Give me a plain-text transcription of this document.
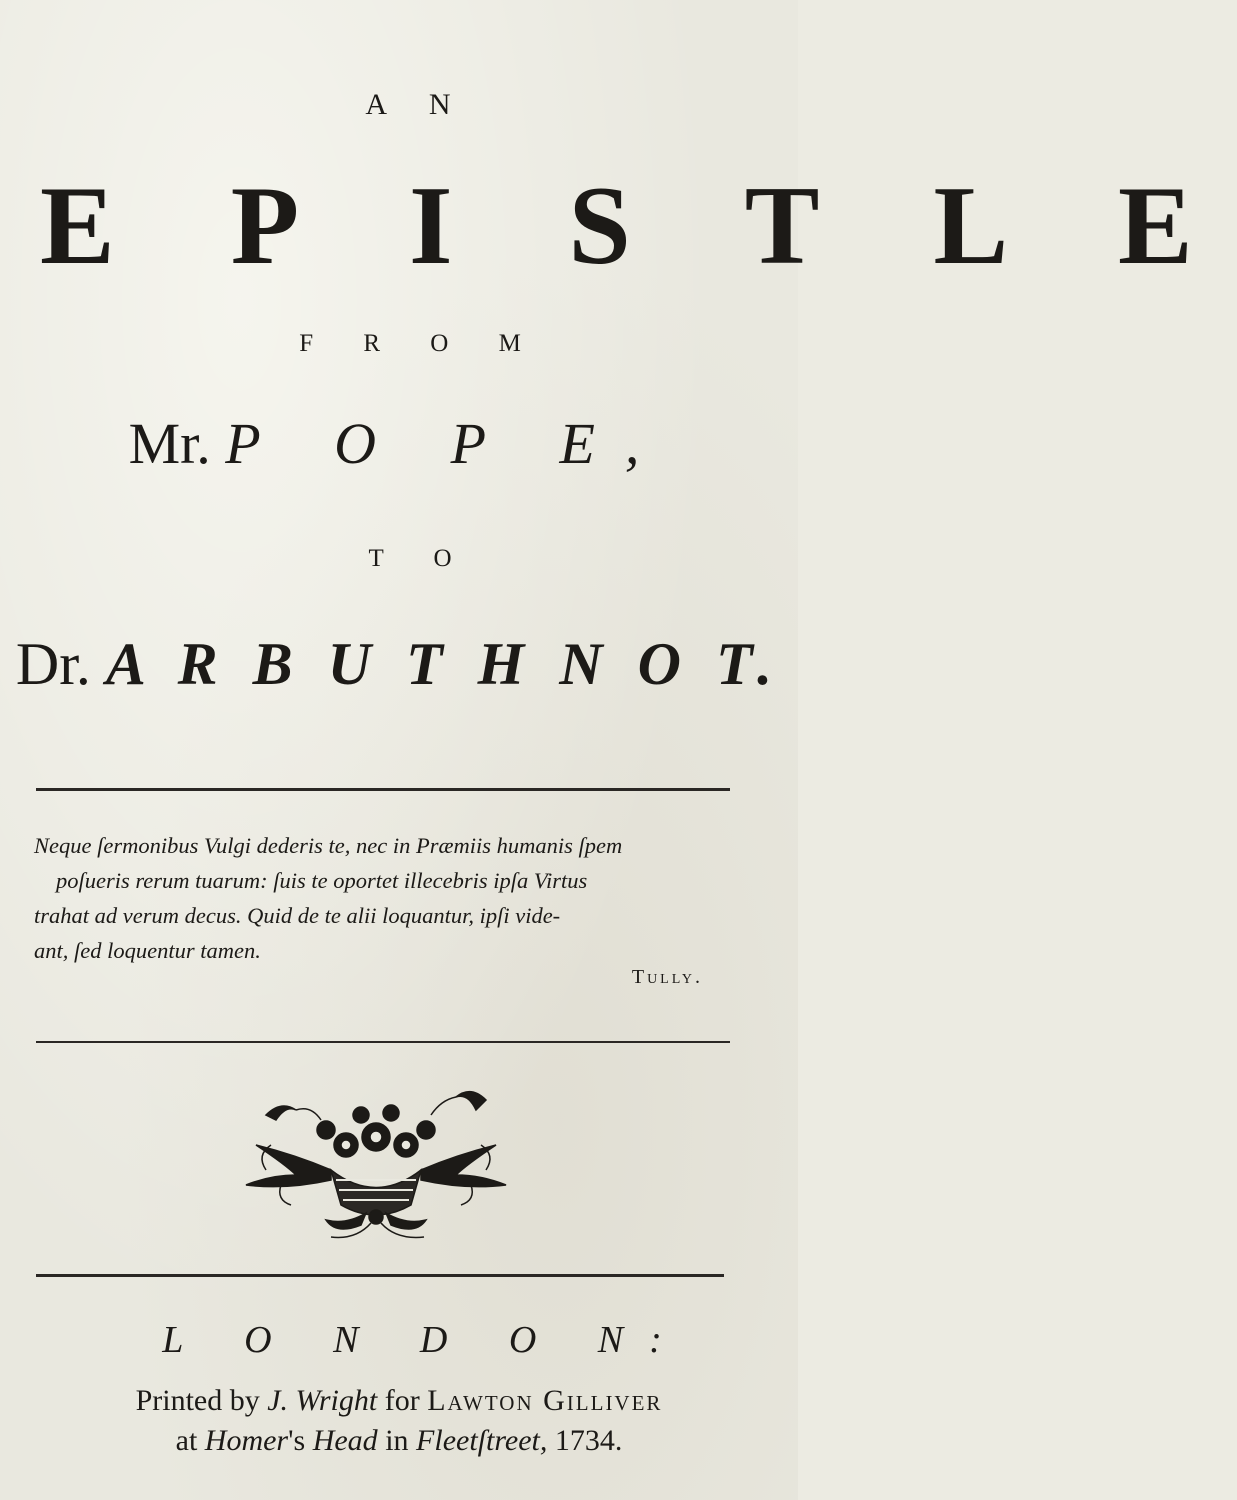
A N
E P I S T L E
F R O M
Mr. P O P E,
T O
Dr. A R B U T H N O T.
Neque ſermonibus Vulgi dederis te, nec in Præmiis humanis ſpem
poſueris rerum tuarum: ſuis te oportet illecebris ipſa Virtus
trahat ad verum decus. Quid de te alii loquantur, ipſi vide-
ant, ſed loquentur tamen.
Tully.
L O N D O N:
Printed by J. Wright for Lawton Gilliver
at Homer's Head in Fleetſtreet, 1734.
